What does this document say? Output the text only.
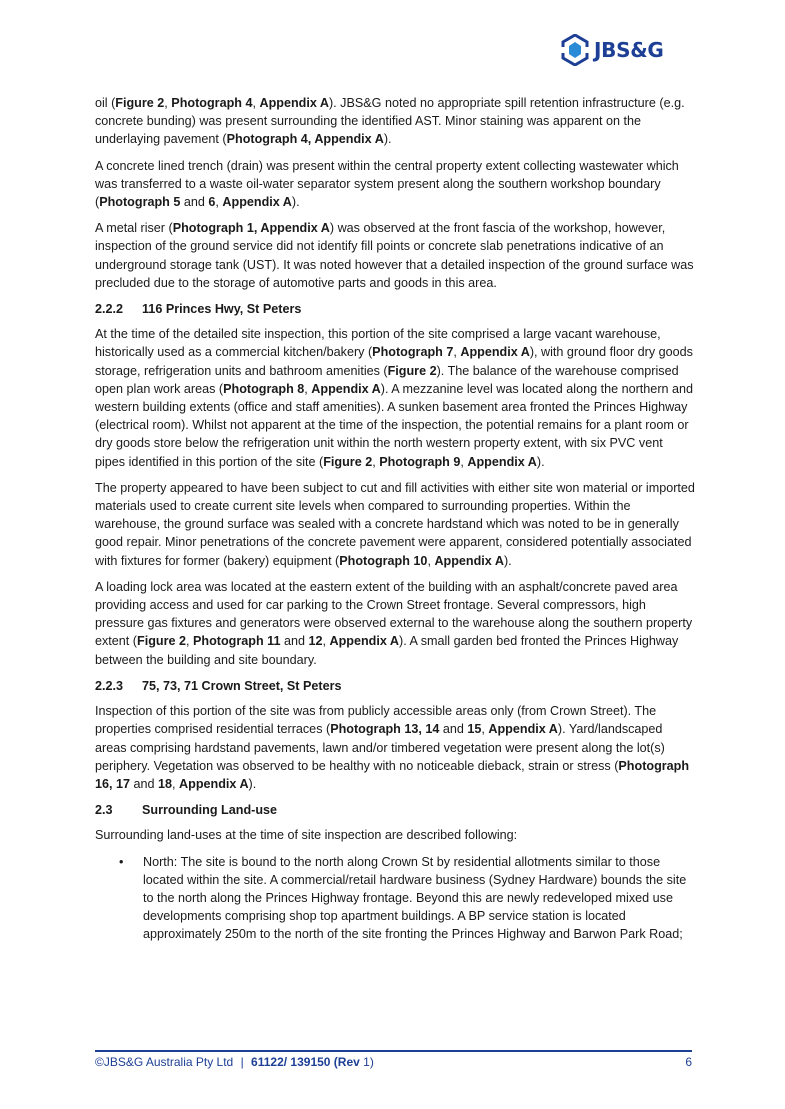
JBS&G

oil (Figure 2, Photograph 4, Appendix A). JBS&G noted no appropriate spill retention infrastructure (e.g. concrete bunding) was present surrounding the identified AST. Minor staining was apparent on the underlaying pavement (Photograph 4, Appendix A).

A concrete lined trench (drain) was present within the central property extent collecting wastewater which was transferred to a waste oil-water separator system present along the southern workshop boundary (Photograph 5 and 6, Appendix A).

A metal riser (Photograph 1, Appendix A) was observed at the front fascia of the workshop, however, inspection of the ground service did not identify fill points or concrete slab penetrations indicative of an underground storage tank (UST). It was noted however that a detailed inspection of the ground surface was precluded due to the storage of automotive parts and goods in this area.

2.2.2 116 Princes Hwy, St Peters

At the time of the detailed site inspection, this portion of the site comprised a large vacant warehouse, historically used as a commercial kitchen/bakery (Photograph 7, Appendix A), with ground floor dry goods storage, refrigeration units and bathroom amenities (Figure 2). The balance of the warehouse comprised open plan work areas (Photograph 8, Appendix A). A mezzanine level was located along the northern and western building extents (office and staff amenities). A sunken basement area fronted the Princes Highway (electrical room). Whilst not apparent at the time of the inspection, the potential remains for a plant room or dry goods store below the refrigeration unit within the north western property extent, with six PVC vent pipes identified in this portion of the site (Figure 2, Photograph 9, Appendix A).

The property appeared to have been subject to cut and fill activities with either site won material or imported materials used to create current site levels when compared to surrounding properties. Within the warehouse, the ground surface was sealed with a concrete hardstand which was noted to be in generally good repair. Minor penetrations of the concrete pavement were apparent, considered potentially associated with fixtures for former (bakery) equipment (Photograph 10, Appendix A).

A loading lock area was located at the eastern extent of the building with an asphalt/concrete paved area providing access and used for car parking to the Crown Street frontage. Several compressors, high pressure gas fixtures and generators were observed external to the warehouse along the southern property extent (Figure 2, Photograph 11 and 12, Appendix A). A small garden bed fronted the Princes Highway between the building and site boundary.

2.2.3 75, 73, 71 Crown Street, St Peters

Inspection of this portion of the site was from publicly accessible areas only (from Crown Street). The properties comprised residential terraces (Photograph 13, 14 and 15, Appendix A). Yard/landscaped areas comprising hardstand pavements, lawn and/or timbered vegetation were present along the lot(s) periphery. Vegetation was observed to be healthy with no noticeable dieback, strain or stress (Photograph 16, 17 and 18, Appendix A).

2.3 Surrounding Land-use

Surrounding land-uses at the time of site inspection are described following:

• North: The site is bound to the north along Crown St by residential allotments similar to those located within the site. A commercial/retail hardware business (Sydney Hardware) bounds the site to the north along the Princes Highway frontage. Beyond this are newly redeveloped mixed use developments comprising shop top apartment buildings. A BP service station is located approximately 250m to the north of the site fronting the Princes Highway and Barwon Park Road;
©JBS&G Australia Pty Ltd | 61122/ 139150 (Rev 1)	6
